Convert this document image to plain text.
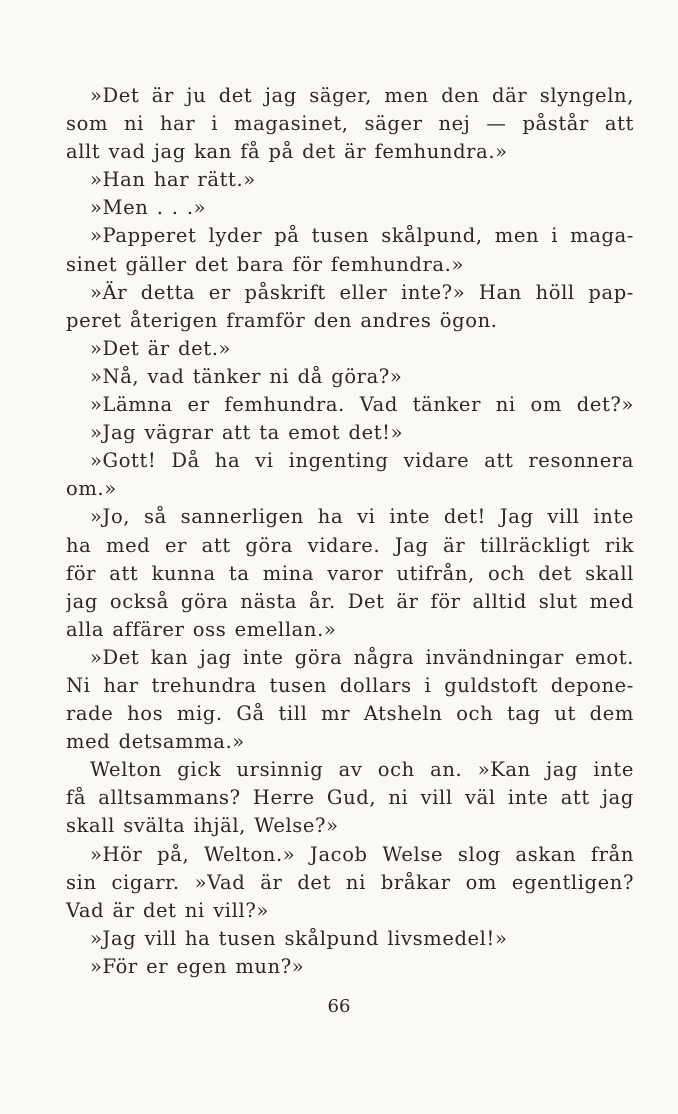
»Det är ju det jag säger, men den där slyngeln,
som ni har i magasinet, säger nej — påstår att
allt vad jag kan få på det är femhundra.»
»Han har rätt.»
»Men . . .»
»Papperet lyder på tusen skålpund, men i maga-
sinet gäller det bara för femhundra.»
»Är detta er påskrift eller inte?» Han höll pap-
peret återigen framför den andres ögon.
»Det är det.»
»Nå, vad tänker ni då göra?»
»Lämna er femhundra. Vad tänker ni om det?»
»Jag vägrar att ta emot det!»
»Gott! Då ha vi ingenting vidare att resonnera
om.»
»Jo, så sannerligen ha vi inte det! Jag vill inte
ha med er att göra vidare. Jag är tillräckligt rik
för att kunna ta mina varor utifrån, och det skall
jag också göra nästa år. Det är för alltid slut med
alla affärer oss emellan.»
»Det kan jag inte göra några invändningar emot.
Ni har trehundra tusen dollars i guldstoft depone-
rade hos mig. Gå till mr Atsheln och tag ut dem
med detsamma.»
Welton gick ursinnig av och an. »Kan jag inte
få alltsammans? Herre Gud, ni vill väl inte att jag
skall svälta ihjäl, Welse?»
»Hör på, Welton.» Jacob Welse slog askan från
sin cigarr. »Vad är det ni bråkar om egentligen?
Vad är det ni vill?»
»Jag vill ha tusen skålpund livsmedel!»
»För er egen mun?»
66
